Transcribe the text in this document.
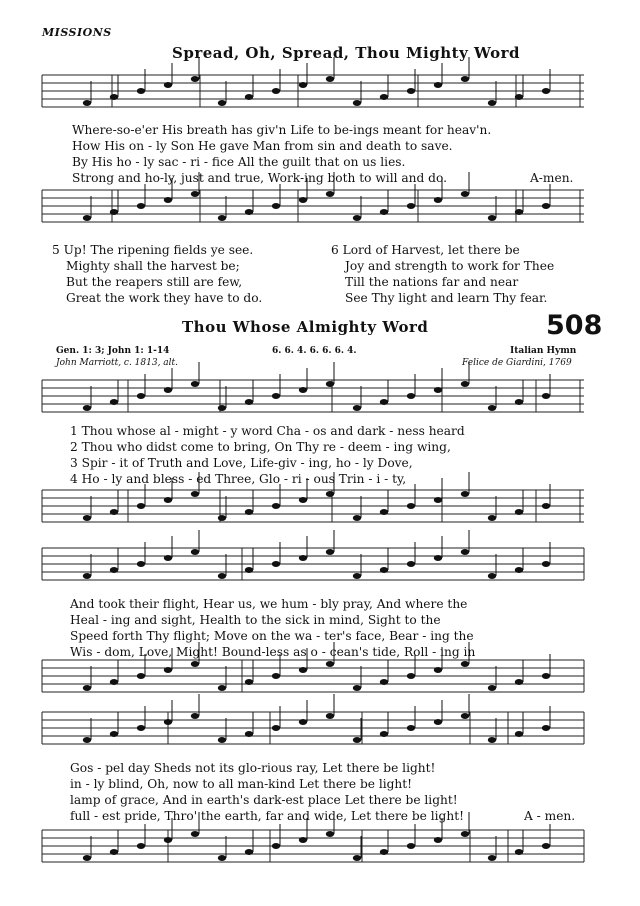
MISSIONS
Spread, Oh, Spread, Thou Mighty Word
Where-so-e'er His breath has giv'n Life to be-ings meant for heav'n.
How His on - ly Son He gave Man from sin and death to save.
By His ho - ly sac - ri - fice All the guilt that on us lies.
Strong and ho-ly, just and true, Work-ing both to will and do.	A-men.
5 Up! The ripening fields ye see.
Mighty shall the harvest be;
But the reapers still are few,
Great the work they have to do.
6 Lord of Harvest, let there be
Joy and strength to work for Thee
Till the nations far and near
See Thy light and learn Thy fear.
Thou Whose Almighty Word	508
Gen. 1: 3; John 1: 1-14
John Marriott, c. 1813, alt.
6. 6. 4. 6. 6. 6. 4.	Italian Hymn
Felice de Giardini, 1769
1 Thou whose al - might - y word Cha - os and dark - ness heard
2 Thou who didst come to bring, On Thy re - deem - ing wing,
3 Spir - it of Truth and Love, Life-giv - ing, ho - ly Dove,
4 Ho - ly and bless - ed Three, Glo - ri - ous Trin - i - ty,
And took their flight, Hear us, we hum - bly pray, And where the
Heal - ing and sight, Health to the sick in mind, Sight to the
Speed forth Thy flight; Move on the wa - ter's face, Bear - ing the
Wis - dom, Love, Might! Bound-less as o - cean's tide, Roll - ing in
Gos - pel day Sheds not its glo-rious ray, Let there be light!
in - ly blind, Oh, now to all man-kind Let there be light!
lamp of grace, And in earth's dark-est place Let there be light!
full - est pride, Thro' the earth, far and wide, Let there be light!	A - men.
